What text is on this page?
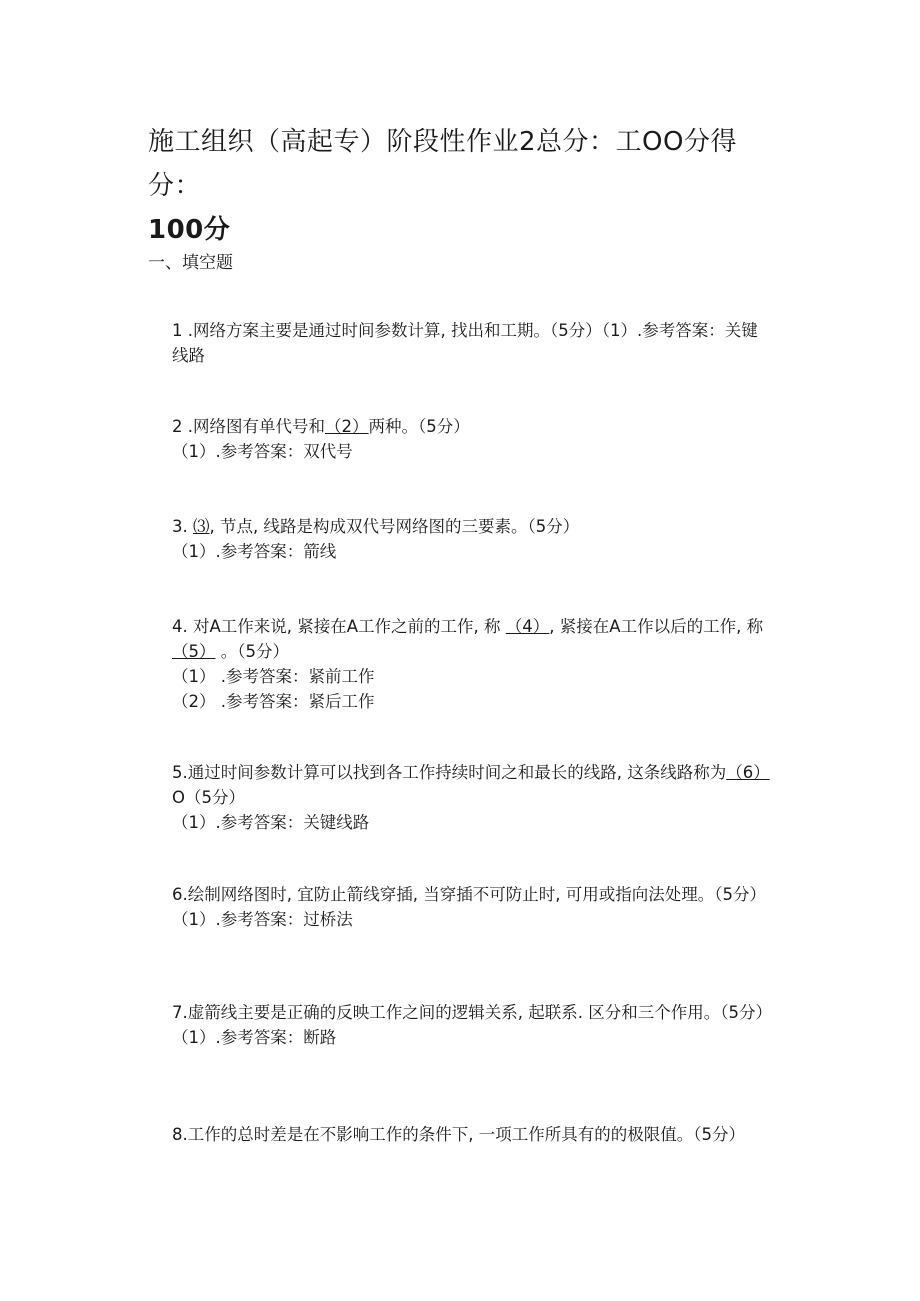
施工组织（高起专）阶段性作业2总分：工OO分得分：
100分
一、填空题
1 .网络方案主要是通过时间参数计算, 找出和工期。（5分）（1）.参考答案：关键线路
2 .网络图有单代号和（2）两种。（5分）
（1）.参考答案：双代号
3. ⑶, 节点, 线路是构成双代号网络图的三要素。（5分）
（1）.参考答案：箭线
4. 对A工作来说, 紧接在A工作之前的工作, 称 （4）, 紧接在A工作以后的工作, 称（5） 。（5分）
（1） .参考答案：紧前工作
（2） .参考答案：紧后工作
5.通过时间参数计算可以找到各工作持续时间之和最长的线路, 这条线路称为（6）O（5分）
（1）.参考答案：关键线路
6.绘制网络图时, 宜防止箭线穿插, 当穿插不可防止时, 可用或指向法处理。（5分）
（1）.参考答案：过桥法
7.虚箭线主要是正确的反映工作之间的逻辑关系, 起联系. 区分和三个作用。（5分）
（1）.参考答案：断路
8.工作的总时差是在不影响工作的条件下, 一项工作所具有的的极限值。（5分）
